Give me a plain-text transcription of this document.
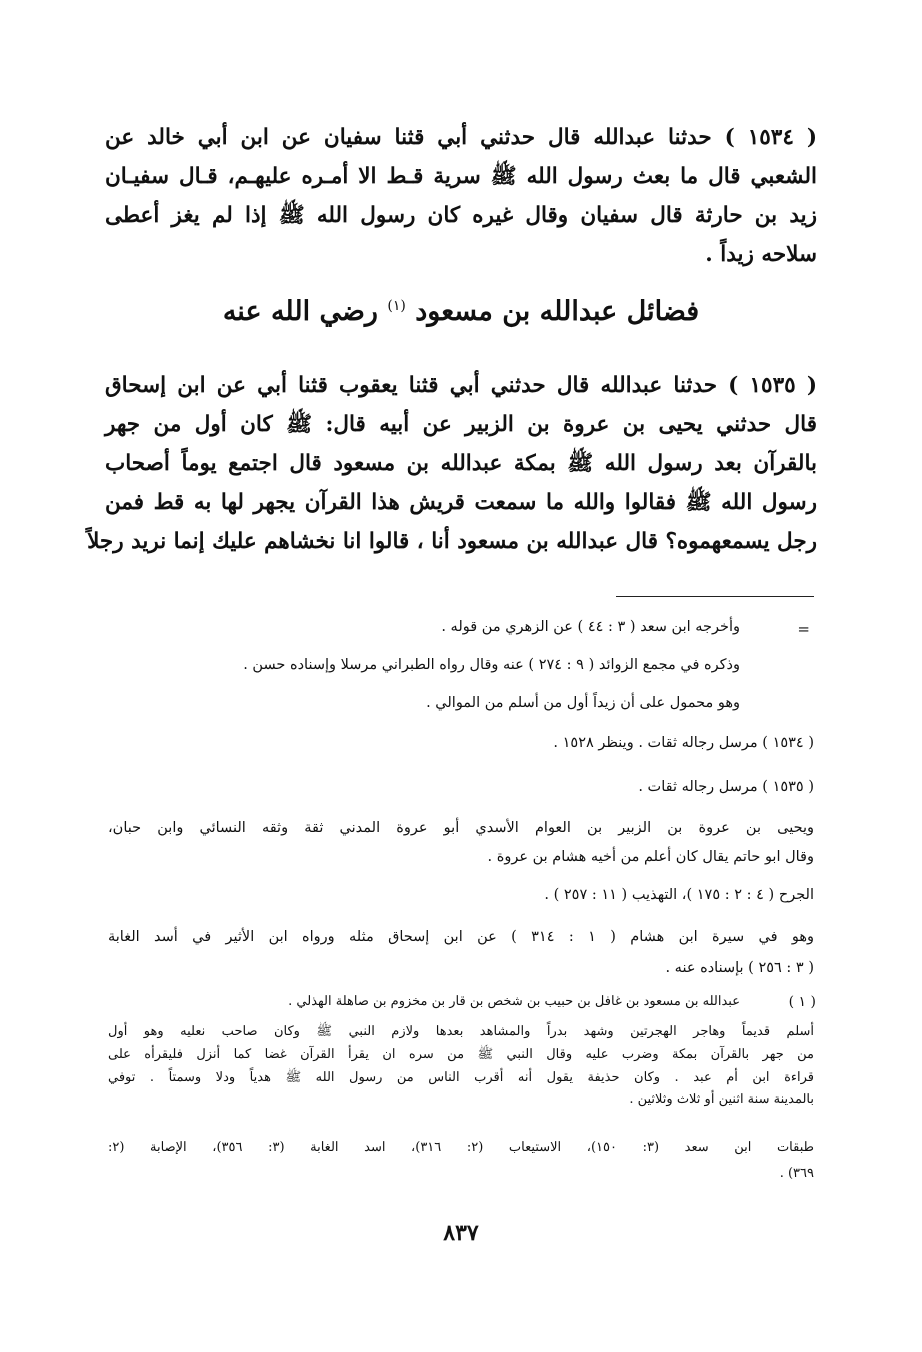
( ١٥٣٤ ) حدثنا عبدالله قال حدثني أبي قثنا سفيان عن ابن أبي خالد عن
الشعبي قال ما بعث رسول الله ﷺ سرية قـط الا أمـره عليهـم، قـال سفيـان
زيد بن حارثة قال سفيان وقال غيره كان رسول الله ﷺ إذا لم يغز أعطى
سلاحه زيداً .
فضائل عبدالله بن مسعود $^{(١)}$ رضي الله عنه
( ١٥٣٥ ) حدثنا عبدالله قال حدثني أبي قثنا يعقوب قثنا أبي عن ابن إسحاق
قال حدثني يحيى بن عروة بن الزبير عن أبيه قال: ﷺ كان أول من جهر
بالقرآن بعد رسول الله ﷺ بمكة عبدالله بن مسعود قال اجتمع يوماً أصحاب
رسول الله ﷺ فقالوا والله ما سمعت قريش هذا القرآن يجهر لها به قط فمن
رجل يسمعهموه؟ قال عبدالله بن مسعود أنا ، قالوا انا نخشاهم عليك إنما نريد رجلاً
=
وأخرجه ابن سعد ( ٣ : ٤٤ ) عن الزهري من قوله .
وذكره في مجمع الزوائد ( ٩ : ٢٧٤ ) عنه وقال رواه الطبراني مرسلا وإسناده حسن .
وهو محمول على أن زيداً أول من أسلم من الموالي .
( ١٥٣٤ ) مرسل رجاله ثقات . وينظر ١٥٢٨ .
( ١٥٣٥ ) مرسل رجاله ثقات .
ويحيى بن عروة بن الزبير بن العوام الأسدي أبو عروة المدني ثقة وثقه النسائي وابن حبان،
وقال ابو حاتم يقال كان أعلم من أخيه هشام بن عروة .
الجرح ( ٤ : ٢ : ١٧٥ )، التهذيب ( ١١ : ٢٥٧ ) .
وهو في سيرة ابن هشام ( ١ : ٣١٤ ) عن ابن إسحاق مثله ورواه ابن الأثير في أسد الغابة
( ٣ : ٢٥٦ ) بإسناده عنه .
( ١ )
عبدالله بن مسعود بن غافل بن حبيب بن شخص بن قار بن مخزوم بن صاهلة الهذلي .
أسلم قديماً وهاجر الهجرتين وشهد بدراً والمشاهد بعدها ولازم النبي ﷺ وكان صاحب نعليه وهو أول
من جهر بالقرآن بمكة وضرب عليه وقال النبي ﷺ من سره ان يقرأ القرآن غضا كما أنزل فليقرأه على
قراءة ابن أم عبد . وكان حذيفة يقول أنه أقرب الناس من رسول الله ﷺ هدياً ودلا وسمتاً . توفي
بالمدينة سنة اثنين أو ثلاث وثلاثين .
طبقات ابن سعد (٣: ١٥٠)، الاستيعاب (٢: ٣١٦)، اسد الغابة (٣: ٣٥٦)، الإصابة (٢:
٣٦٩) .
٨٣٧
